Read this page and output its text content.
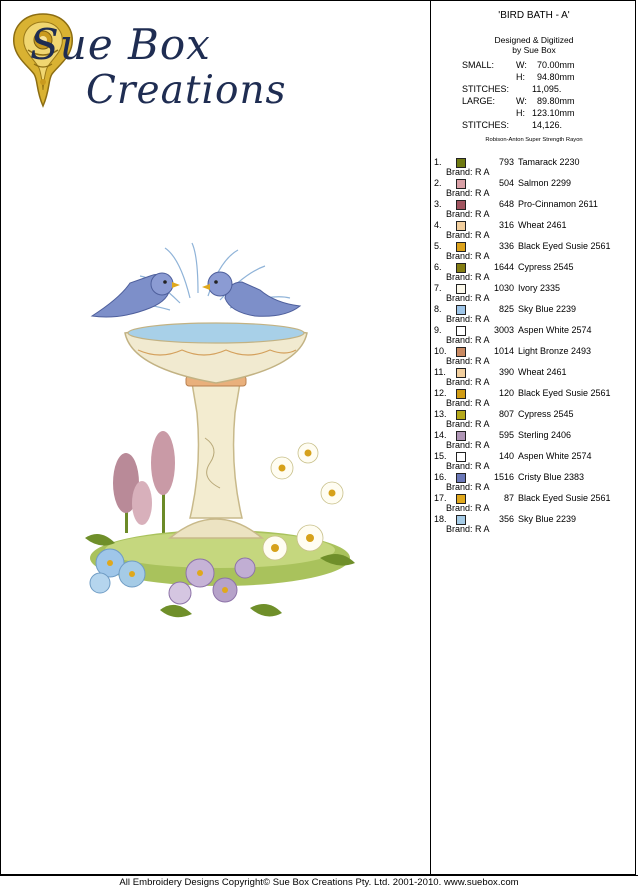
Sue Box
Creations
'BIRD BATH - A'
Designed & Digitized
by Sue Box
SMALL: W: 70.00mm
H: 94.80mm
STITCHES:	11,095.
LARGE: W: 89.80mm
H: 123.10mm
STITCHES:	14,126.
Robison-Anton Super Strength Rayon
1.	793 Tamarack 2230
Brand: R A
2.	504 Salmon 2299
Brand: R A
3.	648 Pro-Cinnamon 2611
Brand: R A
4.	316 Wheat 2461
Brand: R A
5.	336 Black Eyed Susie 2561
Brand: R A
6.	1644 Cypress 2545
Brand: R A
7.	1030 Ivory 2335
Brand: R A
8.	825 Sky Blue 2239
Brand: R A
9.	3003 Aspen White 2574
Brand: R A
10.	1014 Light Bronze 2493
Brand: R A
11.	390 Wheat 2461
Brand: R A
12.	120 Black Eyed Susie 2561
Brand: R A
13.	807 Cypress 2545
Brand: R A
14.	595 Sterling 2406
Brand: R A
15.	140 Aspen White 2574
Brand: R A
16.	1516 Cristy Blue 2383
Brand: R A
17.	87 Black Eyed Susie 2561
Brand: R A
18.	356 Sky Blue 2239
Brand: R A
All Embroidery Designs Copyright© Sue Box Creations Pty. Ltd. 2001-2010. www.suebox.com
